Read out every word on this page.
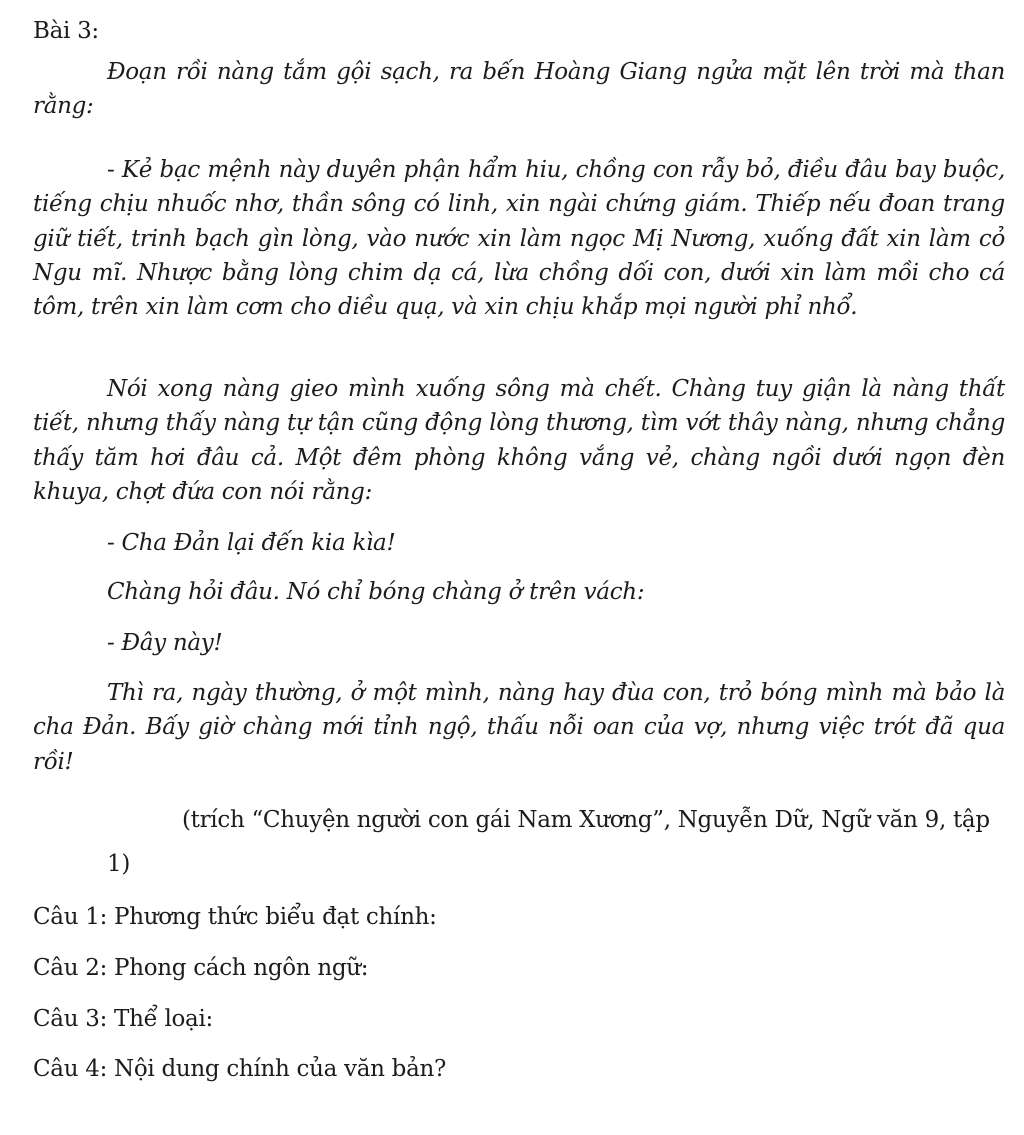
Bài 3:

Đoạn rồi nàng tắm gội sạch, ra bến Hoàng Giang ngửa mặt lên trời mà than rằng:

- Kẻ bạc mệnh này duyên phận hẩm hiu, chồng con rẫy bỏ, điều đâu bay buộc, tiếng chịu nhuốc nhơ, thần sông có linh, xin ngài chứng giám. Thiếp nếu đoan trang giữ tiết, trinh bạch gìn lòng, vào nước xin làm ngọc Mị Nương, xuống đất xin làm cỏ Ngu mĩ. Nhược bằng lòng chim dạ cá, lừa chồng dối con, dưới xin làm mồi cho cá tôm, trên xin làm cơm cho diều quạ, và xin chịu khắp mọi người phỉ nhổ.

Nói xong nàng gieo mình xuống sông mà chết. Chàng tuy giận là nàng thất tiết, nhưng thấy nàng tự tận cũng động lòng thương, tìm vớt thây nàng, nhưng chẳng thấy tăm hơi đâu cả. Một đêm phòng không vắng vẻ, chàng ngồi dưới ngọn đèn khuya, chợt đứa con nói rằng:

- Cha Đản lại đến kia kìa!
Chàng hỏi đâu. Nó chỉ bóng chàng ở trên vách:
- Đây này!

Thì ra, ngày thường, ở một mình, nàng hay đùa con, trỏ bóng mình mà bảo là cha Đản. Bấy giờ chàng mới tỉnh ngộ, thấu nỗi oan của vợ, nhưng việc trót đã qua rồi!

(trích “Chuyện người con gái Nam Xương”, Nguyễn Dữ, Ngữ văn 9, tập 1)
Câu 1: Phương thức biểu đạt chính:
Câu 2: Phong cách ngôn ngữ:
Câu 3: Thể loại:
Câu 4: Nội dung chính của văn bản?
